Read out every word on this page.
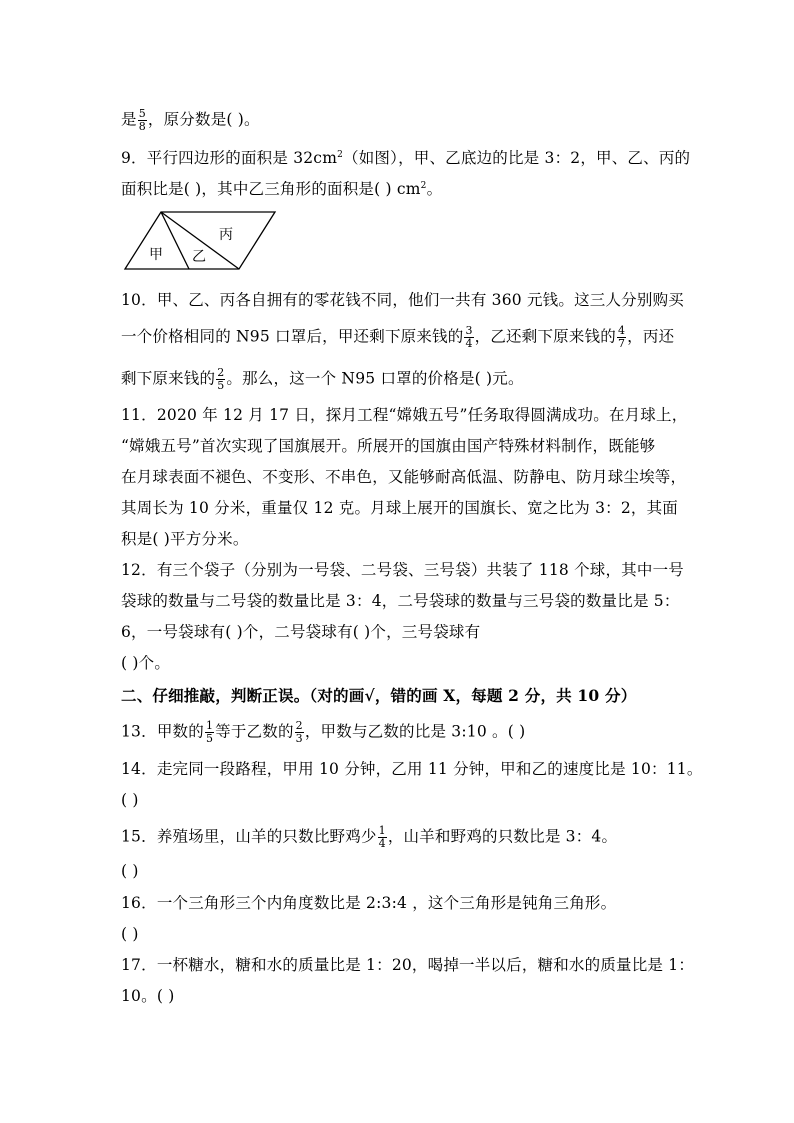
是 $\frac{5}{8}$ ，原分数是( )。
9．平行四边形的面积是 $32cm^2$（如图），甲、乙底边的比是 3：2，甲、乙、丙的
面积比是( )，其中乙三角形的面积是( ) $cm^2$。
甲 乙
丙
10．甲、乙、丙各自拥有的零花钱不同，他们一共有 360 元钱。这三人分别购买
一个价格相同的 N95 口罩后，甲还剩下原来钱的 $\frac{3}{4}$ ，乙还剩下原来钱的 $\frac{4}{7}$ ，丙还
剩下原来钱的 $\frac{2}{5}$ 。那么，这一个 N95 口罩的价格是( )元。
11．2020 年 12 月 17 日，探月工程“嫦娥五号”任务取得圆满成功。在月球上，
“嫦娥五号”首次实现了国旗展开。所展开的国旗由国产特殊材料制作，既能够
在月球表面不褪色、不变形、不串色，又能够耐高低温、防静电、防月球尘埃等，
其周长为 10 分米，重量仅 12 克。月球上展开的国旗长、宽之比为 3：2，其面
积是( )平方分米。
12．有三个袋子（分别为一号袋、二号袋、三号袋）共装了 118 个球，其中一号
袋球的数量与二号袋的数量比是 3：4，二号袋球的数量与三号袋的数量比是 5：
6，一号袋球有( )个，二号袋球有( )个，三号袋球有
( )个。
二、仔细推敲，判断正误。（对的画√，错的画 X，每题 2 分，共 10 分）
13．甲数的 $\frac{1}{5}$ 等于乙数的 $\frac{2}{3}$ ，甲数与乙数的比是 3:10 。( )
14．走完同一段路程，甲用 10 分钟，乙用 11 分钟，甲和乙的速度比是 10：11。
( )
15．养殖场里，山羊的只数比野鸡少 $\frac{1}{4}$ ，山羊和野鸡的只数比是 3：4。
( )
16．一个三角形三个内角度数比是 2:3:4 ，这个三角形是钝角三角形。
( )
17．一杯糖水，糖和水的质量比是 1：20，喝掉一半以后，糖和水的质量比是 1：
10。( )
